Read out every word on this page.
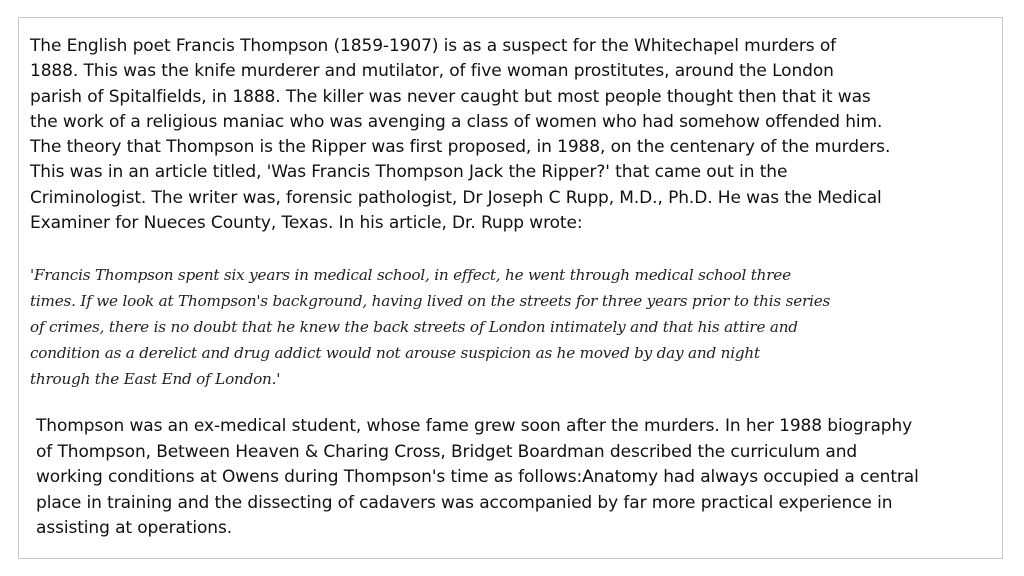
The English poet Francis Thompson (1859-1907) is as a suspect for the Whitechapel murders of
1888. This was the knife murderer and mutilator, of five woman prostitutes, around the London
parish of Spitalfields, in 1888. The killer was never caught but most people thought then that it was
the work of a religious maniac who was avenging a class of women who had somehow offended him.
The theory that Thompson is the Ripper was first proposed, in 1988, on the centenary of the murders.
This was in an article titled, 'Was Francis Thompson Jack the Ripper?' that came out in the
Criminologist. The writer was, forensic pathologist, Dr Joseph C Rupp, M.D., Ph.D. He was the Medical
Examiner for Nueces County, Texas. In his article, Dr. Rupp wrote:
'Francis Thompson spent six years in medical school, in effect, he went through medical school three
times. If we look at Thompson's background, having lived on the streets for three years prior to this series
of crimes, there is no doubt that he knew the back streets of London intimately and that his attire and
condition as a derelict and drug addict would not arouse suspicion as he moved by day and night
through the East End of London.'
Thompson was an ex-medical student, whose fame grew soon after the murders. In her 1988 biography
of Thompson, Between Heaven & Charing Cross, Bridget Boardman described the curriculum and
working conditions at Owens during Thompson's time as follows:Anatomy had always occupied a central
place in training and the dissecting of cadavers was accompanied by far more practical experience in
assisting at operations.
